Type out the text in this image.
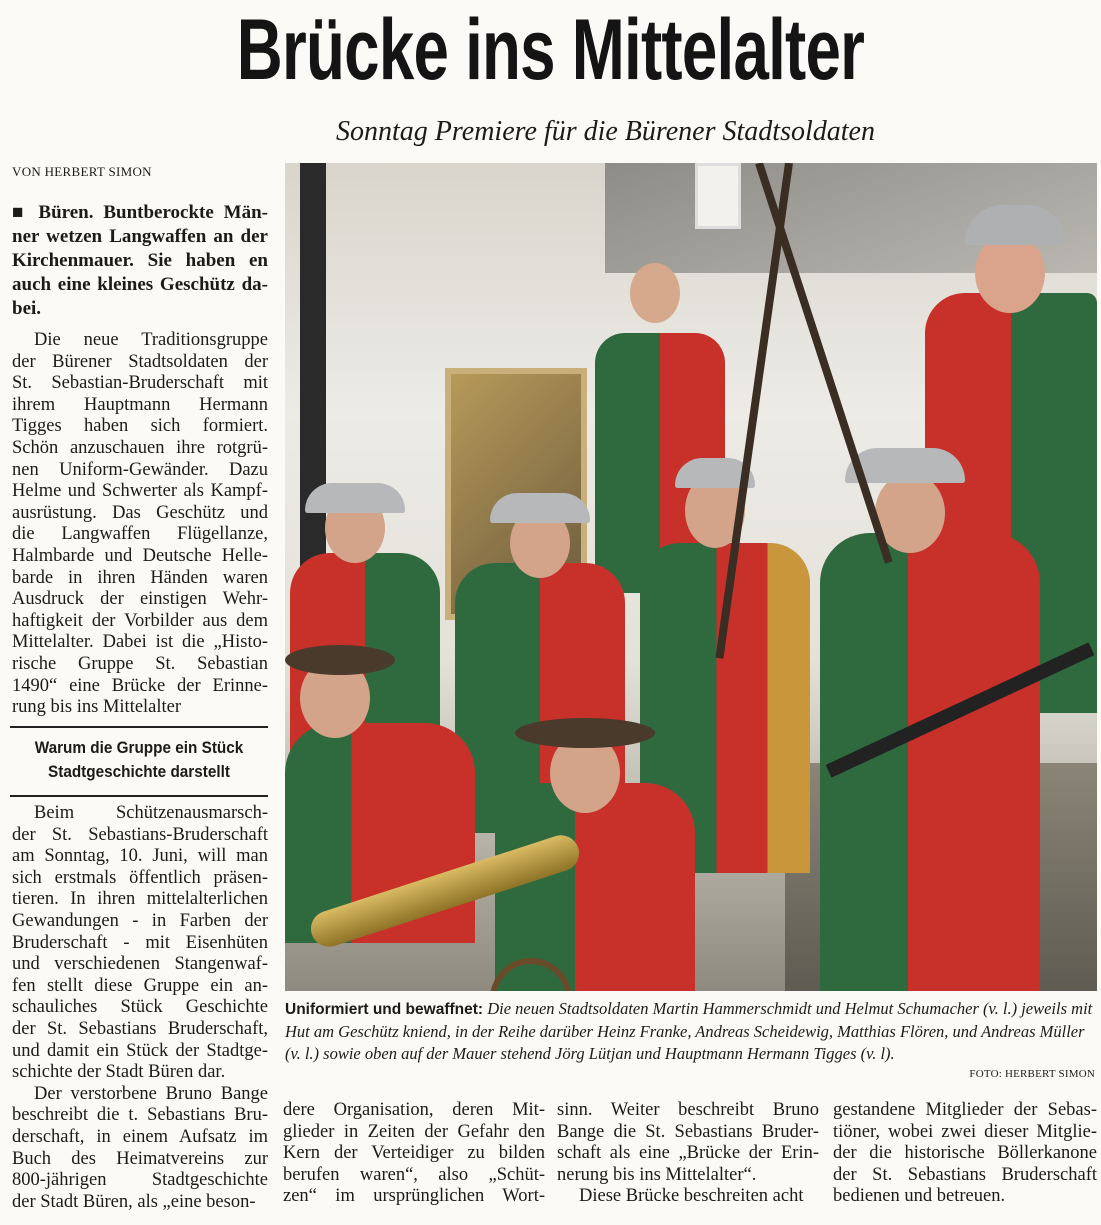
Brücke ins Mittelalter
Sonntag Premiere für die Bürener Stadtsoldaten
VON HERBERT SIMON
■ Büren. Buntberockte Män-
ner wetzen Langwaffen an der
Kirchenmauer. Sie haben en
auch eine kleines Geschütz da-
bei.
Die neue Traditionsgruppe
der Bürener Stadtsoldaten der
St. Sebastian-Bruderschaft mit
ihrem Hauptmann Hermann
Tigges haben sich formiert.
Schön anzuschauen ihre rotgrü-
nen Uniform-Gewänder. Dazu
Helme und Schwerter als Kampf-
ausrüstung. Das Geschütz und
die Langwaffen Flügellanze,
Halmbarde und Deutsche Helle-
barde in ihren Händen waren
Ausdruck der einstigen Wehr-
haftigkeit der Vorbilder aus dem
Mittelalter. Dabei ist die „Histo-
rische Gruppe St. Sebastian
1490“ eine Brücke der Erinne-
rung bis ins Mittelalter
Warum die Gruppe ein Stück
Stadtgeschichte darstellt
Beim Schützenausmarsch-
der St. Sebastians-Bruderschaft
am Sonntag, 10. Juni, will man
sich erstmals öffentlich präsen-
tieren. In ihren mittelalterlichen
Gewandungen - in Farben der
Bruderschaft - mit Eisenhüten
und verschiedenen Stangenwaf-
fen stellt diese Gruppe ein an-
schauliches Stück Geschichte
der St. Sebastians Bruderschaft,
und damit ein Stück der Stadtge-
schichte der Stadt Büren dar.
Der verstorbene Bruno Bange
beschreibt die t. Sebastians Bru-
derschaft, in einem Aufsatz im
Buch des Heimatvereins zur
800-jährigen Stadtgeschichte
der Stadt Büren, als „eine beson-
Uniformiert und bewaffnet: Die neuen Stadtsoldaten Martin Hammerschmidt und Helmut Schumacher (v. l.) jeweils mit Hut am Geschütz kniend, in der Reihe darüber Heinz Franke, Andreas Scheidewig, Matthias Flören, und Andreas Müller (v. l.) sowie oben auf der Mauer stehend Jörg Lütjan und Hauptmann Hermann Tigges (v. l).
FOTO: HERBERT SIMON
dere Organisation, deren Mit-
glieder in Zeiten der Gefahr den
Kern der Verteidiger zu bilden
berufen waren“, also „Schüt-
zen“ im ursprünglichen Wort-
sinn. Weiter beschreibt Bruno
Bange die St. Sebastians Bruder-
schaft als eine „Brücke der Erin-
nerung bis ins Mittelalter“.
Diese Brücke beschreiten acht
gestandene Mitglieder der Sebas-
tiöner, wobei zwei dieser Mitglie-
der die historische Böllerkanone
der St. Sebastians Bruderschaft
bedienen und betreuen.
